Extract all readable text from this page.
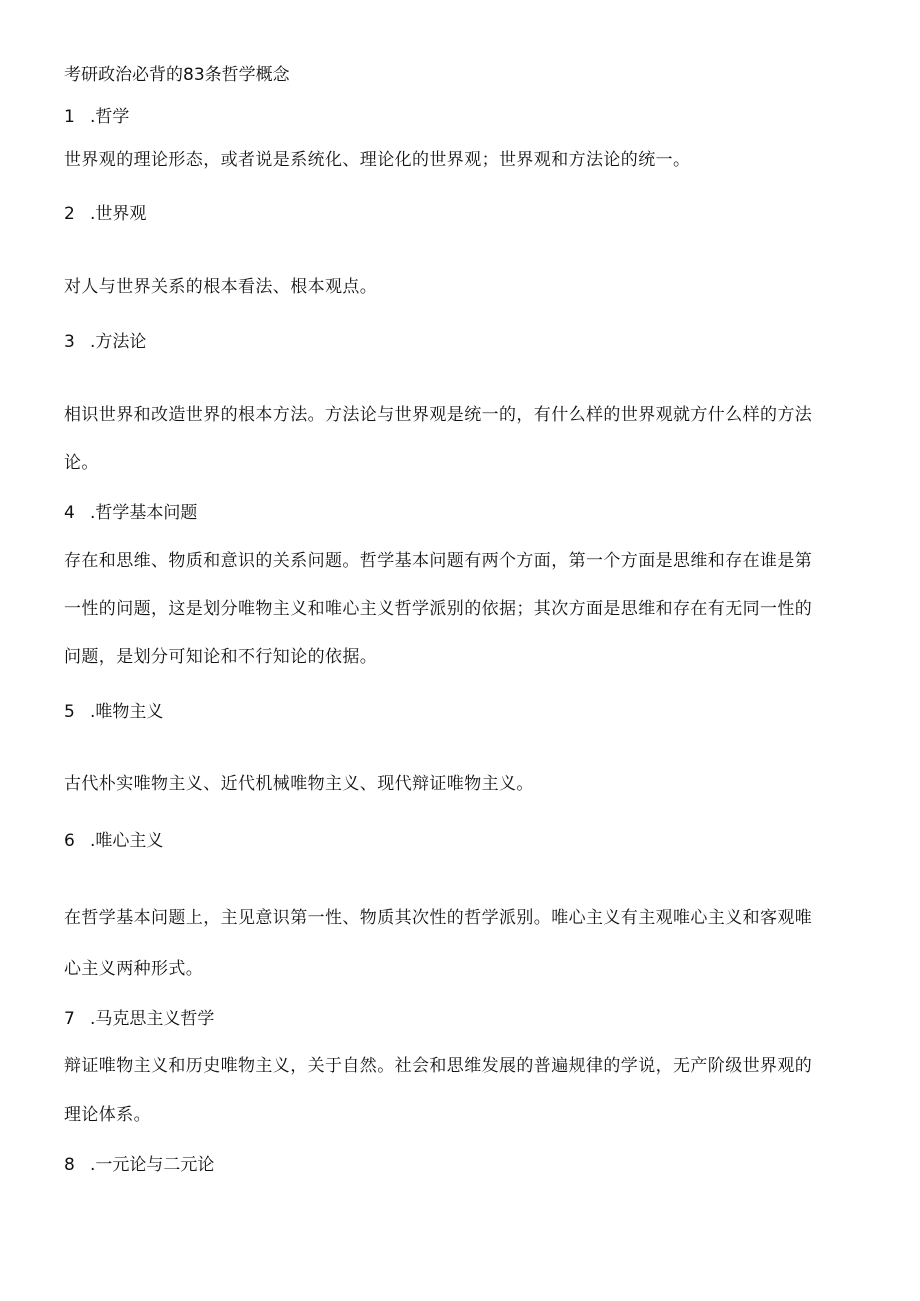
考研政治必背的83条哲学概念
1 .哲学
世界观的理论形态，或者说是系统化、理论化的世界观；世界观和方法论的统一。
2 .世界观
对人与世界关系的根本看法、根本观点。
3 .方法论
相识世界和改造世界的根本方法。方法论与世界观是统一的，有什么样的世界观就方什么样的方法
论。
4 .哲学基本问题
存在和思维、物质和意识的关系问题。哲学基本问题有两个方面，第一个方面是思维和存在谁是第
一性的问题，这是划分唯物主义和唯心主义哲学派别的依据；其次方面是思维和存在有无同一性的
问题，是划分可知论和不行知论的依据。
5 .唯物主义
古代朴实唯物主义、近代机械唯物主义、现代辩证唯物主义。
6 .唯心主义
在哲学基本问题上，主见意识第一性、物质其次性的哲学派别。唯心主义有主观唯心主义和客观唯
心主义两种形式。
7 .马克思主义哲学
辩证唯物主义和历史唯物主义，关于自然。社会和思维发展的普遍规律的学说，无产阶级世界观的
理论体系。
8 .一元论与二元论
